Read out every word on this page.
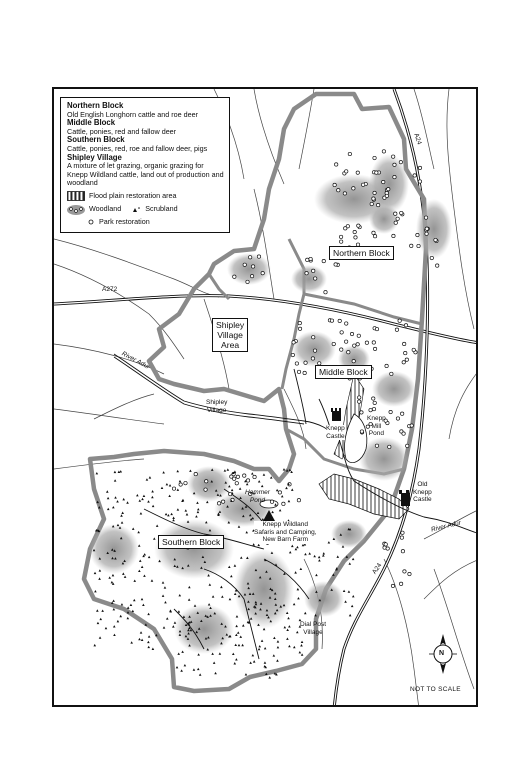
Northern Block
Old English Longhorn cattle and roe deer
Middle Block
Cattle, ponies, red and fallow deer
Southern Block
Cattle, ponies, red, roe and fallow deer, pigs
Shipley Village
A mixture of let grazing, organic grazing for Knepp Wildland cattle, land out of production and woodland
Flood plain restoration area
Woodland	Scrubland
Park restoration
Northern Block
Middle Block
Southern Block
Shipley
Village
Area
A272
A24
A24
River Adur
River Adur
Shipley
Village
Knepp
Castle
Knepp
Mill
Pond
Old
Knepp
Castle
Hammer
Pond
Knepp Wildland
Safaris and Camping,
New Barn Farm
Dial Post
Village
N
NOT TO SCALE
